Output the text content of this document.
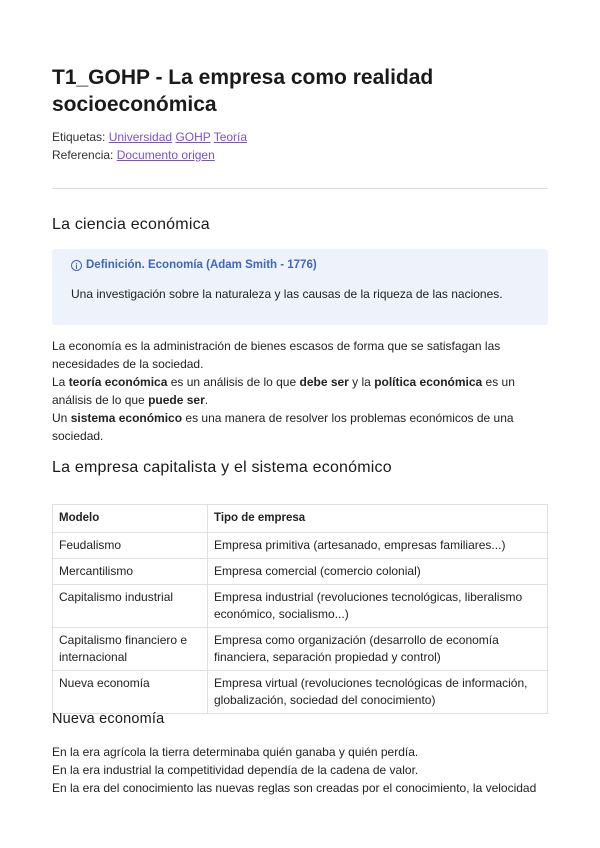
T1_GOHP - La empresa como realidad socioeconómica
Etiquetas: Universidad GOHP Teoría
Referencia: Documento origen
La ciencia económica
i Definición. Economía (Adam Smith - 1776)
Una investigación sobre la naturaleza y las causas de la riqueza de las naciones.

La economía es la administración de bienes escasos de forma que se satisfagan las necesidades de la sociedad.

La teoría económica es un análisis de lo que debe ser y la política económica es un análisis de lo que puede ser.

Un sistema económico es una manera de resolver los problemas económicos de una sociedad.

La empresa capitalista y el sistema económico
Modelo	Tipo de empresa
Feudalismo	Empresa primitiva (artesanado, empresas familiares...)
Mercantilismo	Empresa comercial (comercio colonial)
Capitalismo industrial	Empresa industrial (revoluciones tecnológicas, liberalismo económico, socialismo...)
Capitalismo financiero e internacional	Empresa como organización (desarrollo de economía financiera, separación propiedad y control)
Nueva economía	Empresa virtual (revoluciones tecnológicas de información, globalización, sociedad del conocimiento)
Nueva economía

En la era agrícola la tierra determinaba quién ganaba y quién perdía.

En la era industrial la competitividad dependía de la cadena de valor.

En la era del conocimiento las nuevas reglas son creadas por el conocimiento, la velocidad
